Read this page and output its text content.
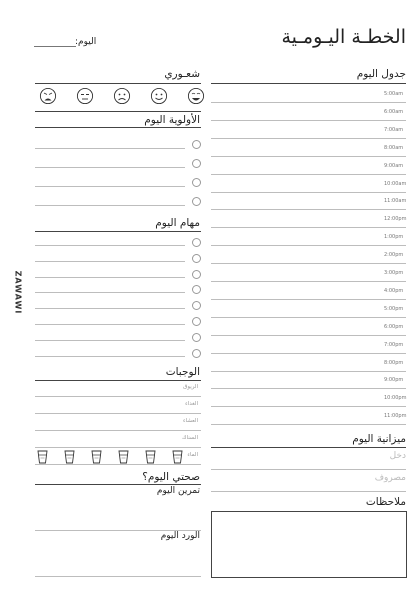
الخطـة اليـومـية
اليوم:
ZAWAWI
شعـوري
الأولوية اليوم
مهام اليوم
الوجبات
صحتي اليوم؟
تمرين اليوم
الورد اليوم
جدول اليوم
ميزانية اليوم
دخل
مصروف
ملاحظات
الريوق
الغداء
العشاء
السناك
الماء
5:00am
6:00am
7:00am
8:00am
9:00am
10:00am
11:00am
12:00pm
1:00pm
2:00pm
3:00pm
4:00pm
5:00pm
6:00pm
7:00pm
8:00pm
9:00pm
10:00pm
11:00pm
